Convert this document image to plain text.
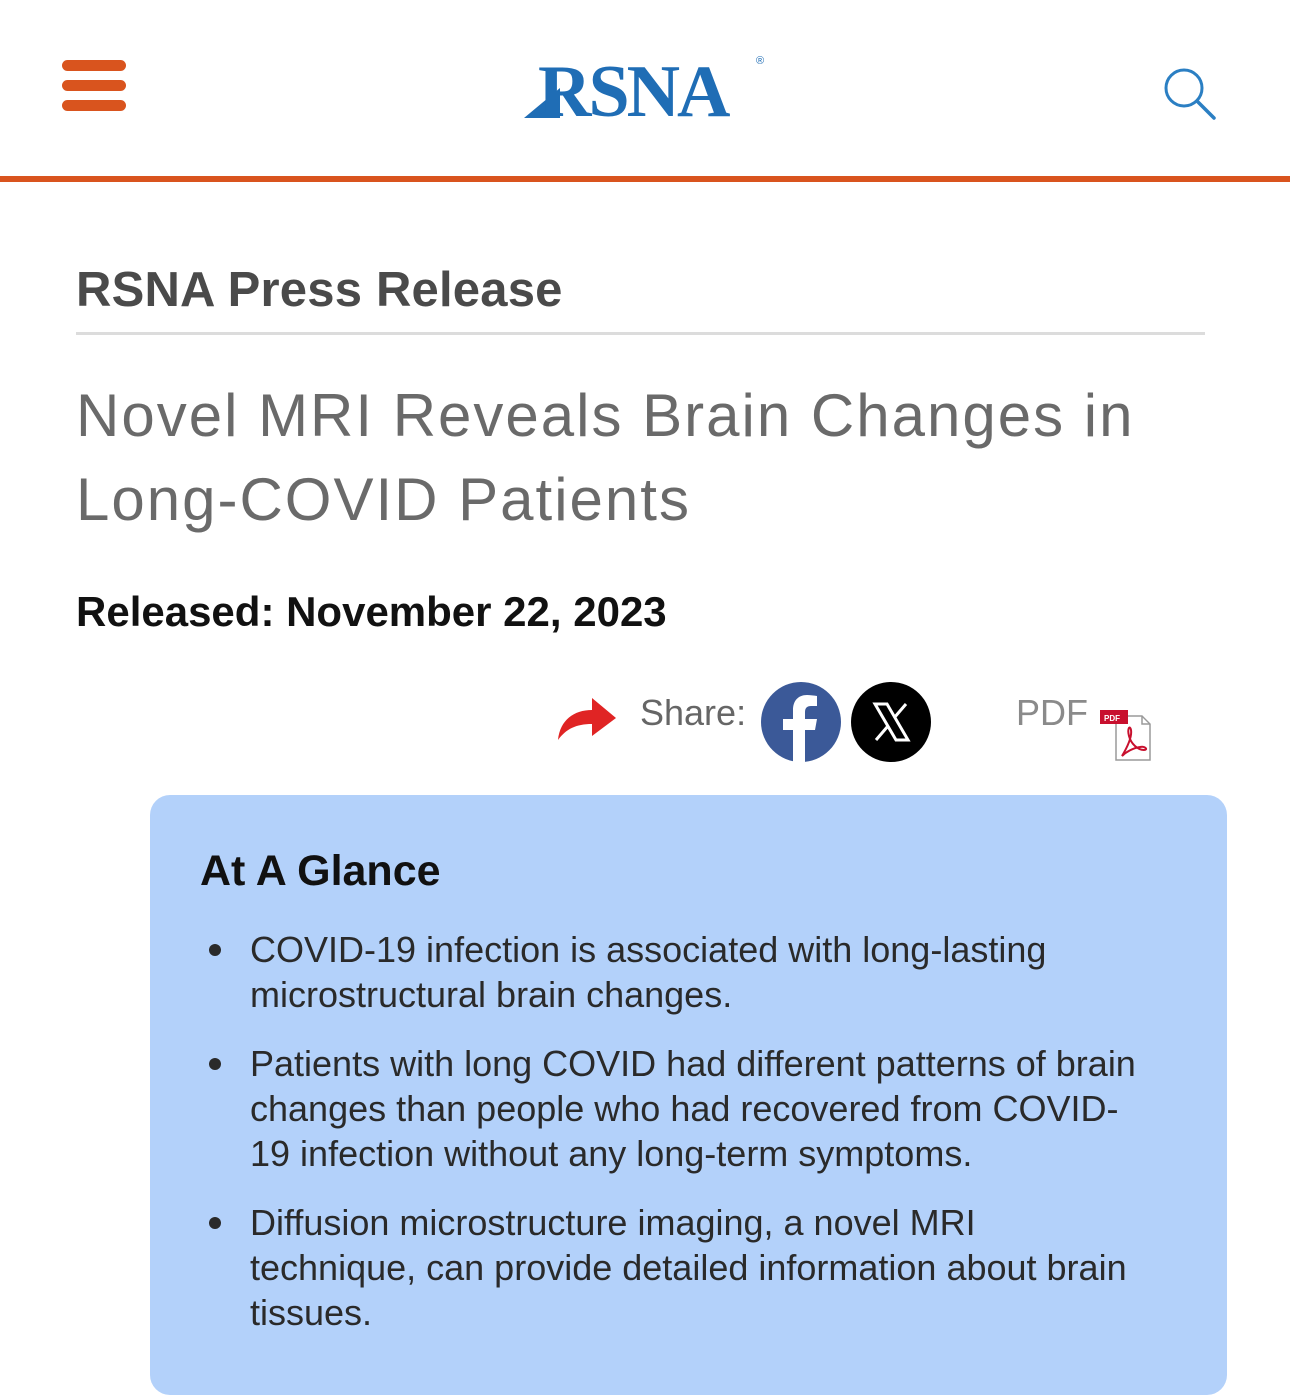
RSNA	®
RSNA Press Release
Novel MRI Reveals Brain Changes in
Long-COVID Patients
Released: November 22, 2023
Share:	PDF PDF
At A Glance
COVID-19 infection is associated with long-lasting
microstructural brain changes.
Patients with long COVID had different patterns of brain
changes than people who had recovered from COVID-
19 infection without any long-term symptoms.
Diffusion microstructure imaging, a novel MRI
technique, can provide detailed information about brain
tissues.
